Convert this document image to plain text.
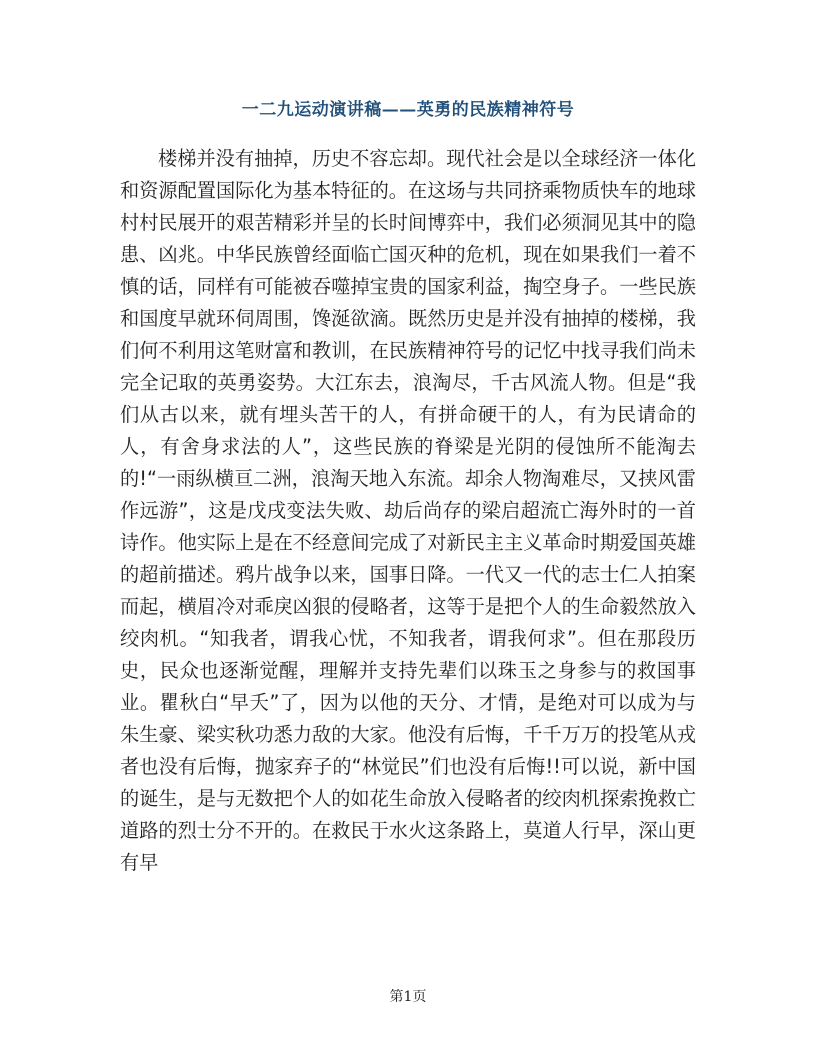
一二九运动演讲稿——英勇的民族精神符号

楼梯并没有抽掉，历史不容忘却。现代社会是以全球经济一体化和资源配置国际化为基本特征的。在这场与共同挤乘物质快车的地球村村民展开的艰苦精彩并呈的长时间博弈中，我们必须洞见其中的隐患、凶兆。中华民族曾经面临亡国灭种的危机，现在如果我们一着不慎的话，同样有可能被吞噬掉宝贵的国家利益，掏空身子。一些民族和国度早就环伺周围，馋涎欲滴。既然历史是并没有抽掉的楼梯，我们何不利用这笔财富和教训，在民族精神符号的记忆中找寻我们尚未完全记取的英勇姿势。大江东去，浪淘尽，千古风流人物。但是“我们从古以来，就有埋头苦干的人，有拼命硬干的人，有为民请命的人，有舍身求法的人”，这些民族的脊梁是光阴的侵蚀所不能淘去的!“一雨纵横亘二洲，浪淘天地入东流。却余人物淘难尽，又挟风雷作远游”，这是戊戌变法失败、劫后尚存的梁启超流亡海外时的一首诗作。他实际上是在不经意间完成了对新民主主义革命时期爱国英雄的超前描述。鸦片战争以来，国事日降。一代又一代的志士仁人拍案而起，横眉冷对乖戾凶狠的侵略者，这等于是把个人的生命毅然放入绞肉机。“知我者，谓我心忧，不知我者，谓我何求”。但在那段历史，民众也逐渐觉醒，理解并支持先辈们以珠玉之身参与的救国事业。瞿秋白“早夭”了，因为以他的天分、才情，是绝对可以成为与朱生豪、梁实秋功悉力敌的大家。他没有后悔，千千万万的投笔从戎者也没有后悔，抛家弃子的“林觉民”们也没有后悔!!可以说，新中国的诞生，是与无数把个人的如花生命放入侵略者的绞肉机探索挽救亡道路的烈士分不开的。在救民于水火这条路上，莫道人行早，深山更有早

第1页
